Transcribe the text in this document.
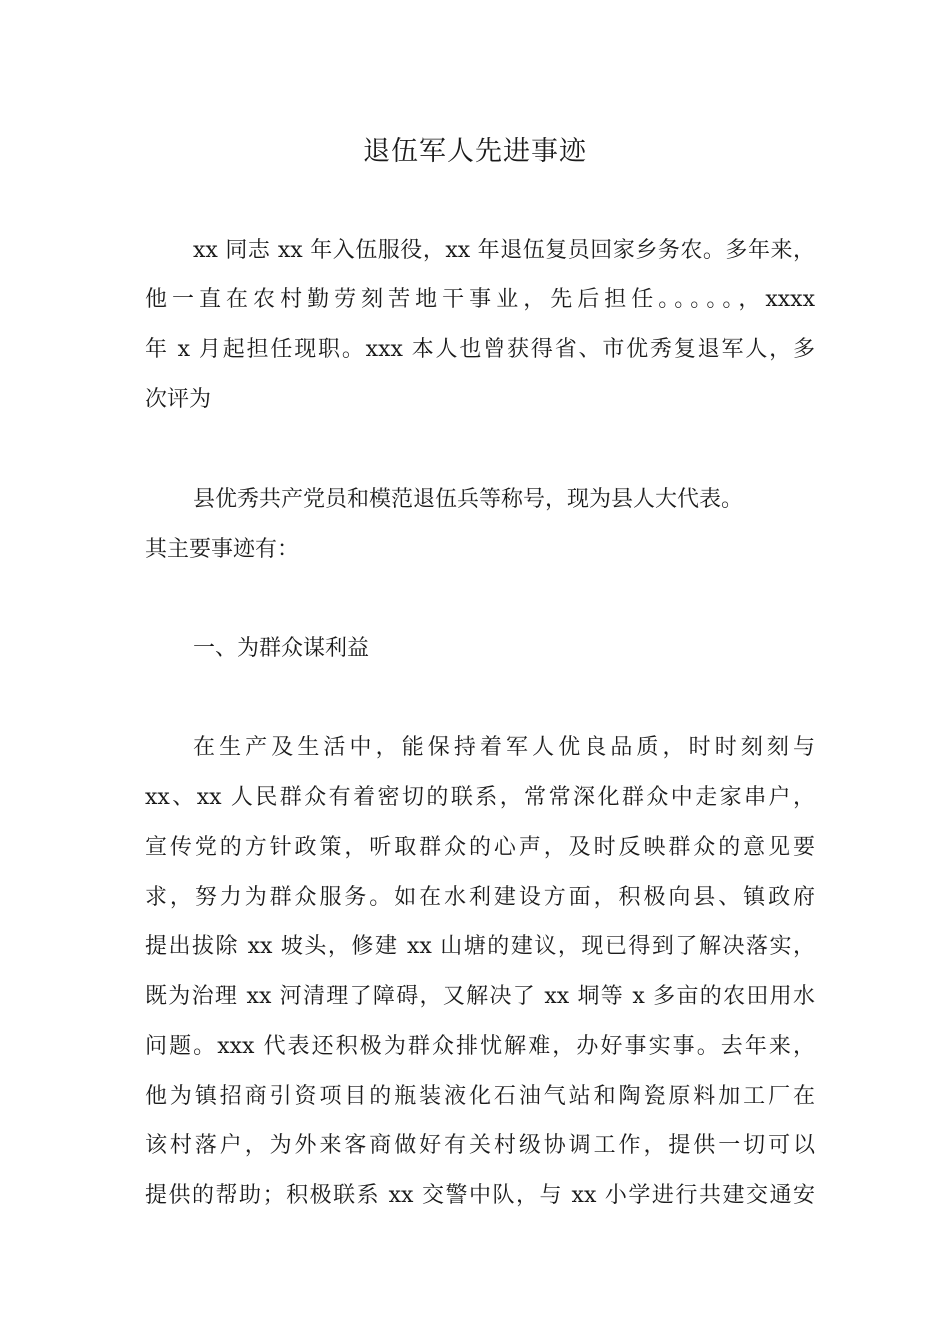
退伍军人先进事迹
xx 同志 xx 年入伍服役，xx 年退伍复员回家乡务农。多年来，
他一直在农村勤劳刻苦地干事业，先后担任。。。。。，xxxx
年 x 月起担任现职。xxx 本人也曾获得省、市优秀复退军人，多
次评为
县优秀共产党员和模范退伍兵等称号，现为县人大代表。
其主要事迹有：
一、为群众谋利益
在生产及生活中，能保持着军人优良品质，时时刻刻与
xx、xx 人民群众有着密切的联系，常常深化群众中走家串户，
宣传党的方针政策，听取群众的心声，及时反映群众的意见要
求，努力为群众服务。如在水利建设方面，积极向县、镇政府
提出拔除 xx 坡头，修建 xx 山塘的建议，现已得到了解决落实，
既为治理 xx 河清理了障碍，又解决了 xx 垌等 x 多亩的农田用水
问题。xxx 代表还积极为群众排忧解难，办好事实事。去年来，
他为镇招商引资项目的瓶装液化石油气站和陶瓷原料加工厂在
该村落户，为外来客商做好有关村级协调工作，提供一切可以
提供的帮助；积极联系 xx 交警中队，与 xx 小学进行共建交通安
